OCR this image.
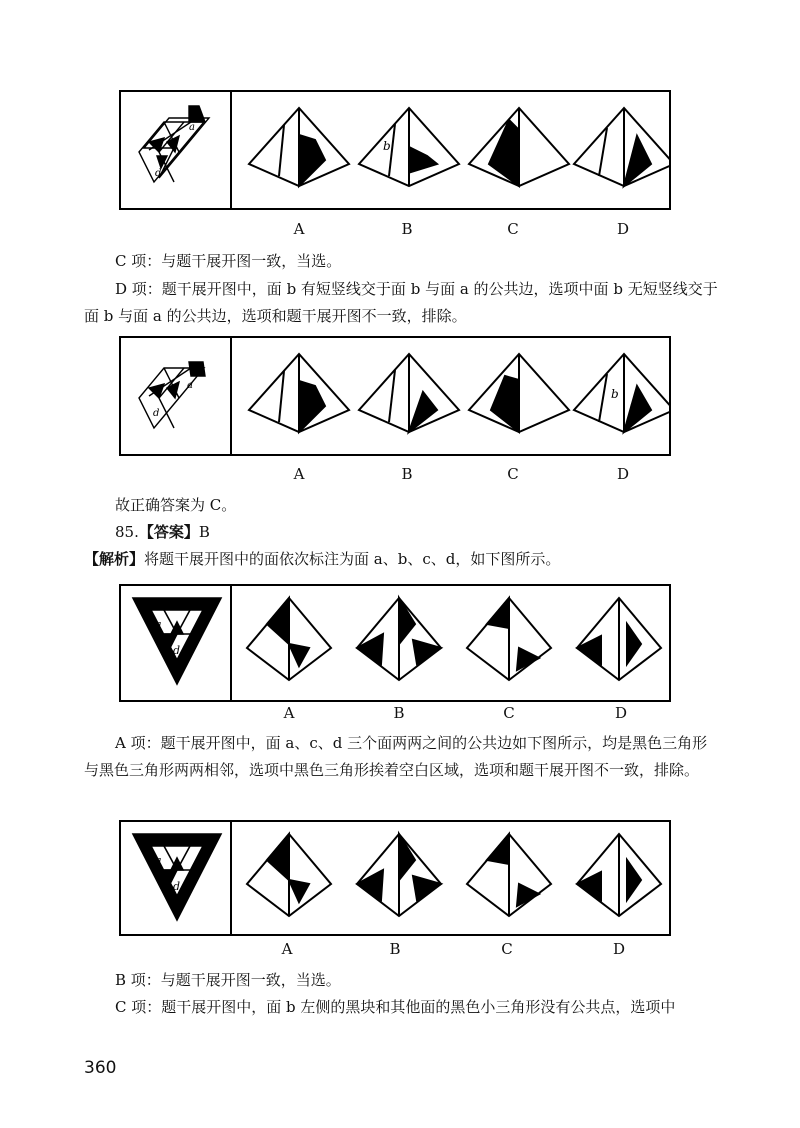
a
d
b
a
A	B	C	D

C 项：与题干展开图一致，当选。

D 项：题干展开图中，面 b 有短竖线交于面 b 与面 a 的公共边，选项中面 b 无短竖线交于面 b 与面 a 的公共边，选项和题干展开图不一致，排除。

a
d
b
a
A	B	C	D

故正确答案为 C。

85.【答案】B

【解析】将题干展开图中的面依次标注为面 a、b、c、d，如下图所示。

a
b
c
d
A	B	C	D

A 项：题干展开图中，面 a、c、d 三个面两两之间的公共边如下图所示，均是黑色三角形与黑色三角形两两相邻，选项中黑色三角形挨着空白区域，选项和题干展开图不一致，排除。

a
b
c
d
A	B	C	D

B 项：与题干展开图一致，当选。

C 项：题干展开图中，面 b 左侧的黑块和其他面的黑色小三角形没有公共点，选项中

360
